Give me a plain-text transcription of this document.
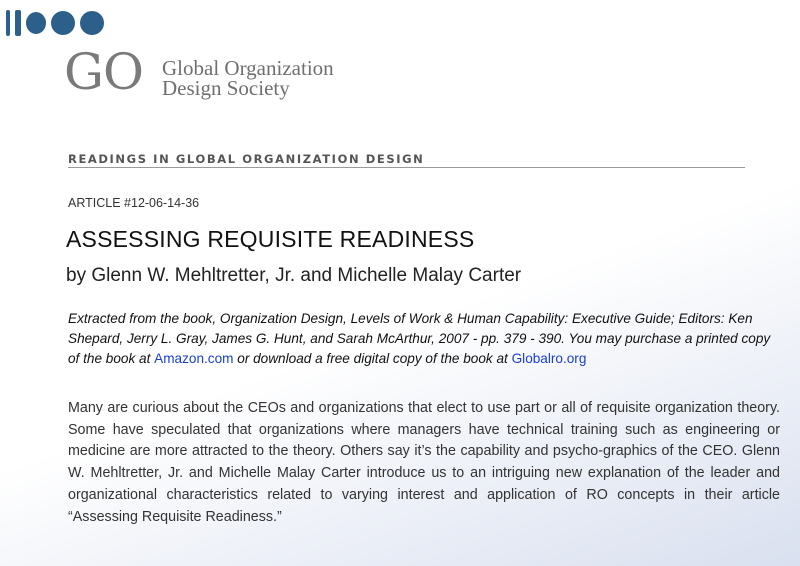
GO Global Organization
Design Society
READINGS IN GLOBAL ORGANIZATION DESIGN
ARTICLE #12-06-14-36
ASSESSING REQUISITE READINESS
by Glenn W. Mehltretter, Jr. and Michelle Malay Carter
Extracted from the book, Organization Design, Levels of Work & Human Capability: Executive Guide; Editors: Ken Shepard, Jerry L. Gray, James G. Hunt, and Sarah McArthur, 2007 - pp. 379 - 390. You may purchase a printed copy of the book at Amazon.com or download a free digital copy of the book at Globalro.org
Many are curious about the CEOs and organizations that elect to use part or all of requisite organization theory. Some have speculated that organizations where managers have technical training such as engineering or medicine are more attracted to the theory. Others say it’s the capability and psycho-graphics of the CEO. Glenn W. Mehltretter, Jr. and Michelle Malay Carter introduce us to an intriguing new explanation of the leader and organizational characteristics related to varying interest and application of RO concepts in their article “Assessing Requisite Readiness.”
